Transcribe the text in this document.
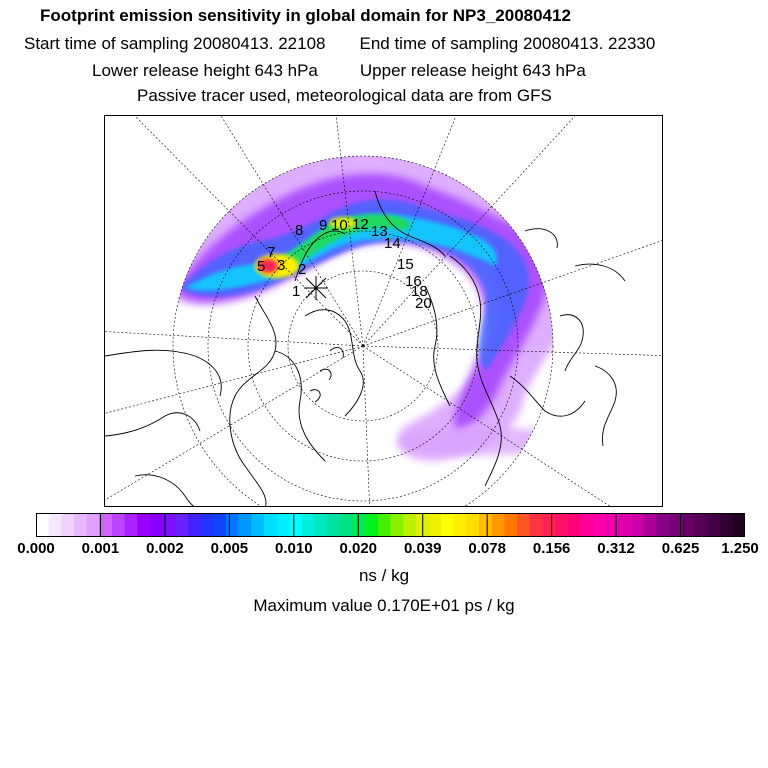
Footprint emission sensitivity in global domain for NP3_20080412
Start time of sampling 20080413. 22108 End time of sampling 20080413. 22330
Lower release height 643 hPa Upper release height 643 hPa
Passive tracer used, meteorological data are from GFS
1
2
3
5
7
8 9 10 12 13
14
15
16
18
20
0.000 0.001 0.002 0.005 0.010 0.020 0.039 0.078 0.156 0.312 0.625 1.250
ns / kg
Maximum value 0.170E+01 ps / kg
